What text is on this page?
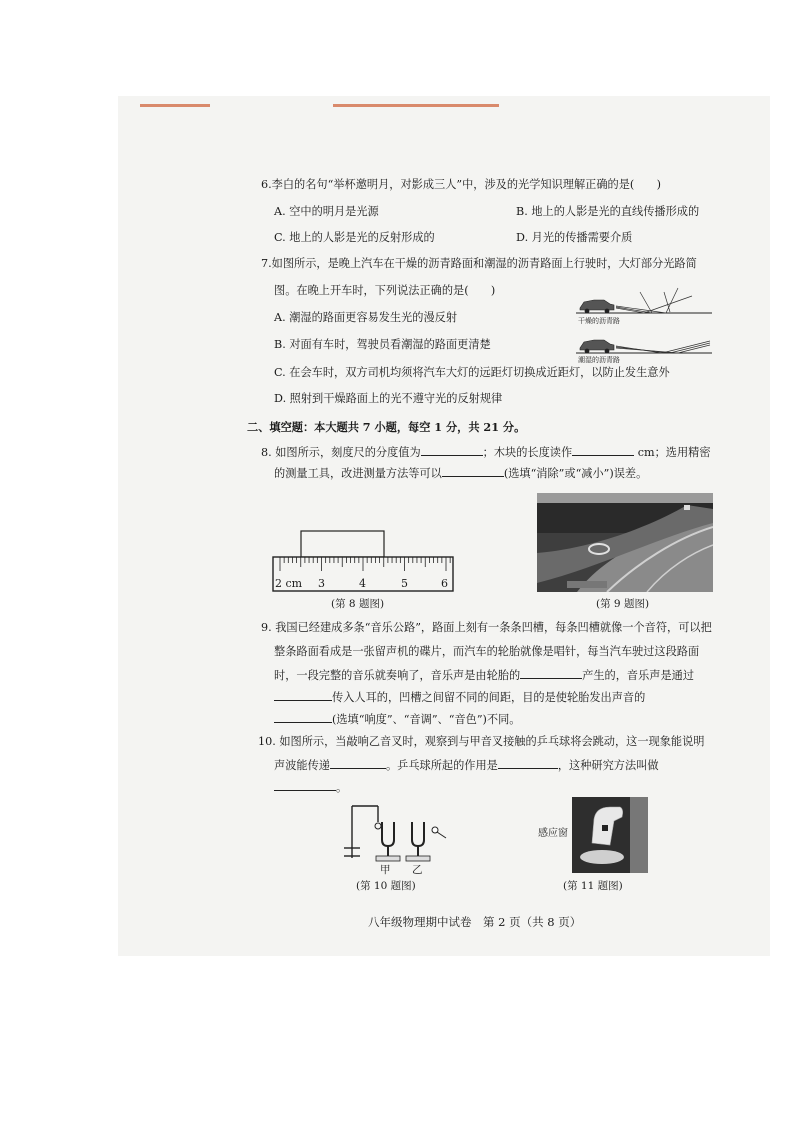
6.李白的名句“举杯邀明月，对影成三人”中，涉及的光学知识理解正确的是(　　)
A. 空中的明月是光源	B. 地上的人影是光的直线传播形成的
C. 地上的人影是光的反射形成的	D. 月光的传播需要介质
7.如图所示，是晚上汽车在干燥的沥青路面和潮湿的沥青路面上行驶时，大灯部分光路简
图。在晚上开车时，下列说法正确的是(　　)
A. 潮湿的路面更容易发生光的漫反射
B. 对面有车时，驾驶员看潮湿的路面更清楚
C. 在会车时，双方司机均须将汽车大灯的远距灯切换成近距灯，以防止发生意外
D. 照射到干燥路面上的光不遵守光的反射规律
干燥的沥青路
潮湿的沥青路
二、填空题：本大题共 7 小题，每空 1 分，共 21 分。
8. 如图所示，刻度尺的分度值为	；木块的长度读作	cm；选用精密
的测量工具，改进测量方法等可以	(选填“消除”或“减小”)误差。
2 cm 3	4	5	6
(第 8 题图)	(第 9 题图)
9. 我国已经建成多条“音乐公路”，路面上刻有一条条凹槽，每条凹槽就像一个音符，可以把
整条路面看成是一张留声机的碟片，而汽车的轮胎就像是唱针，每当汽车驶过这段路面
时，一段完整的音乐就奏响了，音乐声是由轮胎的	产生的，音乐声是通过
传入人耳的，凹槽之间留不同的间距，目的是使轮胎发出声音的
(选填“响度”、“音调”、“音色”)不同。
10. 如图所示，当敲响乙音叉时，观察到与甲音叉接触的乒乓球将会跳动，这一现象能说明
声波能传递	。乒乓球所起的作用是	，这种研究方法叫做
。
甲 乙
(第 10 题图)
感应窗
(第 11 题图)
八年级物理期中试卷　第 2 页（共 8 页）
